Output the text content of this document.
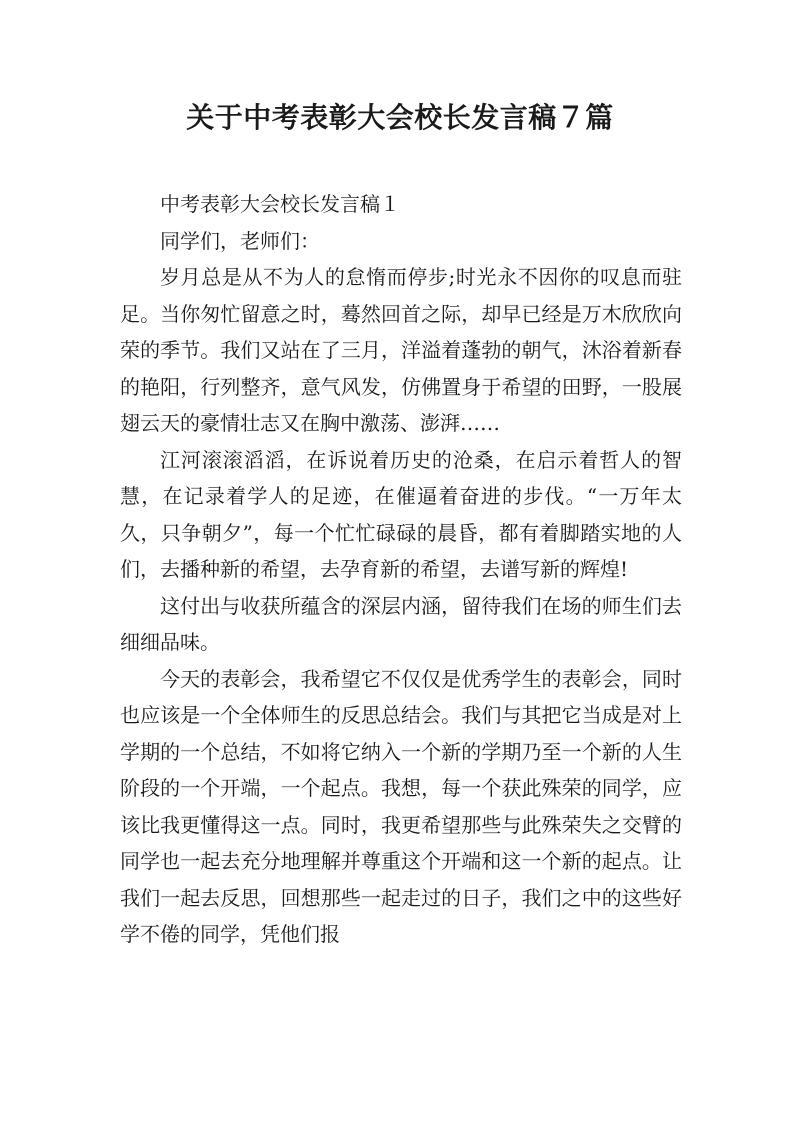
关于中考表彰大会校长发言稿７篇

中考表彰大会校长发言稿１

同学们，老师们：

岁月总是从不为人的怠惰而停步;时光永不因你的叹息而驻足。当你匆忙留意之时，蓦然回首之际，却早已经是万木欣欣向荣的季节。我们又站在了三月，洋溢着蓬勃的朝气，沐浴着新春的艳阳，行列整齐，意气风发，仿佛置身于希望的田野，一股展翅云天的豪情壮志又在胸中激荡、澎湃……

江河滚滚滔滔，在诉说着历史的沧桑，在启示着哲人的智慧，在记录着学人的足迹，在催逼着奋进的步伐。“一万年太久，只争朝夕”，每一个忙忙碌碌的晨昏，都有着脚踏实地的人们，去播种新的希望，去孕育新的希望，去谱写新的辉煌!

这付出与收获所蕴含的深层内涵，留待我们在场的师生们去细细品味。

今天的表彰会，我希望它不仅仅是优秀学生的表彰会，同时也应该是一个全体师生的反思总结会。我们与其把它当成是对上学期的一个总结，不如将它纳入一个新的学期乃至一个新的人生阶段的一个开端，一个起点。我想，每一个获此殊荣的同学，应该比我更懂得这一点。同时，我更希望那些与此殊荣失之交臂的同学也一起去充分地理解并尊重这个开端和这一个新的起点。让我们一起去反思，回想那些一起走过的日子，我们之中的这些好学不倦的同学，凭他们报
